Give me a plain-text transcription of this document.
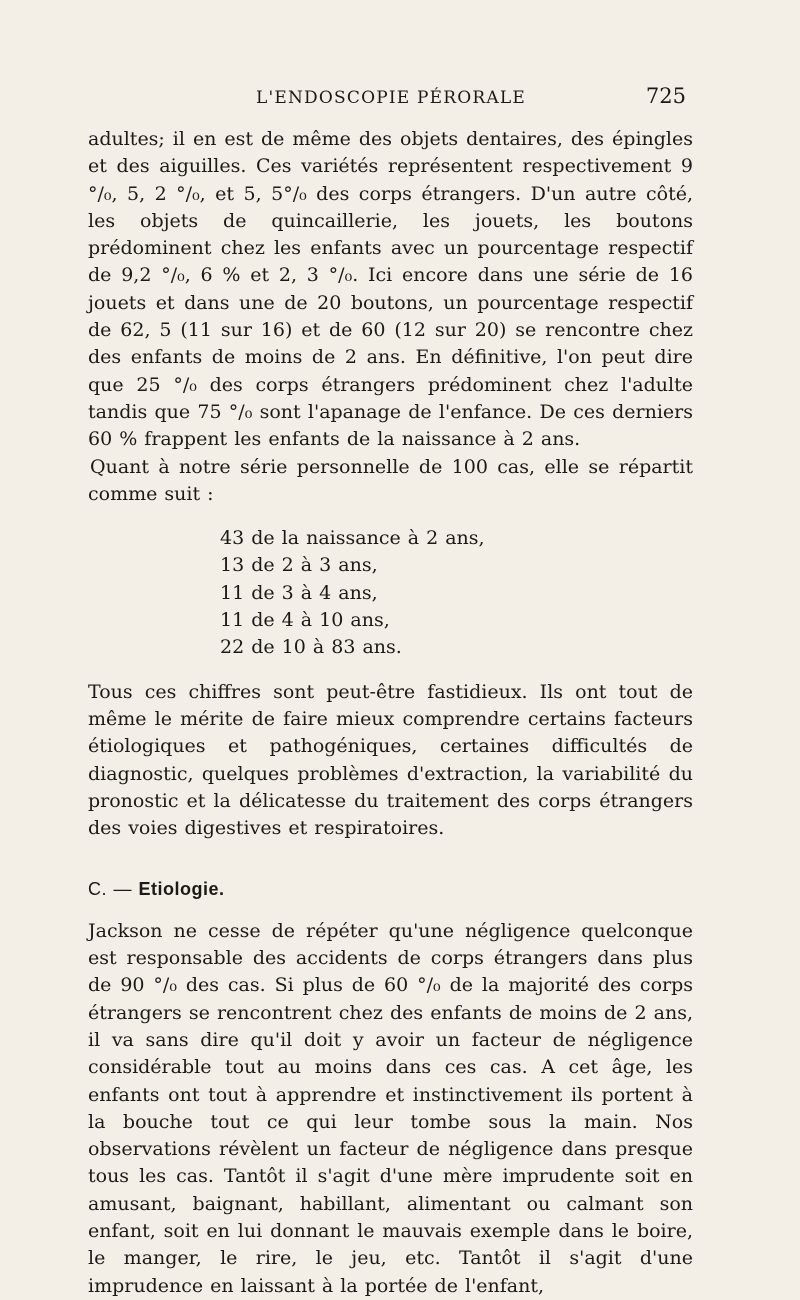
L'ENDOSCOPIE PÉRORALE	725

adultes; il en est de même des objets dentaires, des épingles et des aiguilles. Ces variétés représentent respectivement 9 °/₀, 5, 2 °/₀, et 5, 5°/₀ des corps étrangers. D'un autre côté, les objets de quincaillerie, les jouets, les boutons prédominent chez les enfants avec un pourcentage respectif de 9,2 °/₀, 6 % et 2, 3 °/₀. Ici encore dans une série de 16 jouets et dans une de 20 boutons, un pourcentage respectif de 62, 5 (11 sur 16) et de 60 (12 sur 20) se rencontre chez des enfants de moins de 2 ans. En définitive, l'on peut dire que 25 °/₀ des corps étrangers prédominent chez l'adulte tandis que 75 °/₀ sont l'apanage de l'enfance. De ces derniers 60 % frappent les enfants de la naissance à 2 ans.

Quant à notre série personnelle de 100 cas, elle se répartit comme suit :

43 de la naissance à 2 ans,
13 de 2 à 3 ans,
11 de 3 à 4 ans,
11 de 4 à 10 ans,
22 de 10 à 83 ans.

Tous ces chiffres sont peut-être fastidieux. Ils ont tout de même le mérite de faire mieux comprendre certains facteurs étiologiques et pathogéniques, certaines difficultés de diagnostic, quelques problèmes d'extraction, la variabilité du pronostic et la délicatesse du traitement des corps étrangers des voies digestives et respiratoires.

C. — Etiologie.

Jackson ne cesse de répéter qu'une négligence quelconque est responsable des accidents de corps étrangers dans plus de 90 °/₀ des cas. Si plus de 60 °/₀ de la majorité des corps étrangers se rencontrent chez des enfants de moins de 2 ans, il va sans dire qu'il doit y avoir un facteur de négligence considérable tout au moins dans ces cas. A cet âge, les enfants ont tout à apprendre et instinctivement ils portent à la bouche tout ce qui leur tombe sous la main. Nos observations révèlent un facteur de négligence dans presque tous les cas. Tantôt il s'agit d'une mère imprudente soit en amusant, baignant, habillant, alimentant ou calmant son enfant, soit en lui donnant le mauvais exemple dans le boire, le manger, le rire, le jeu, etc. Tantôt il s'agit d'une imprudence en laissant à la portée de l'enfant,
